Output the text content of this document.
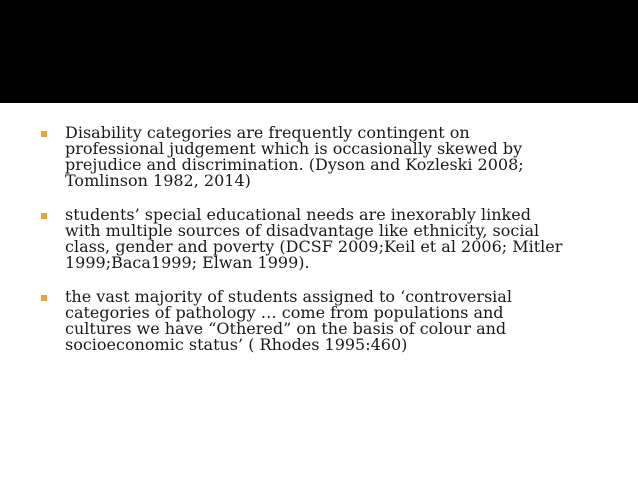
Disability categories are frequently contingent on
professional judgement which is occasionally skewed by
prejudice and discrimination. (Dyson and Kozleski 2008;
Tomlinson 1982, 2014)
students’ special educational needs are inexorably linked
with multiple sources of disadvantage like ethnicity, social
class, gender and poverty (DCSF 2009;Keil et al 2006; Mitler
1999;Baca1999; Elwan 1999).
the vast majority of students assigned to ‘controversial
categories of pathology … come from populations and
cultures we have “Othered” on the basis of colour and
socioeconomic status’ ( Rhodes 1995:460)
